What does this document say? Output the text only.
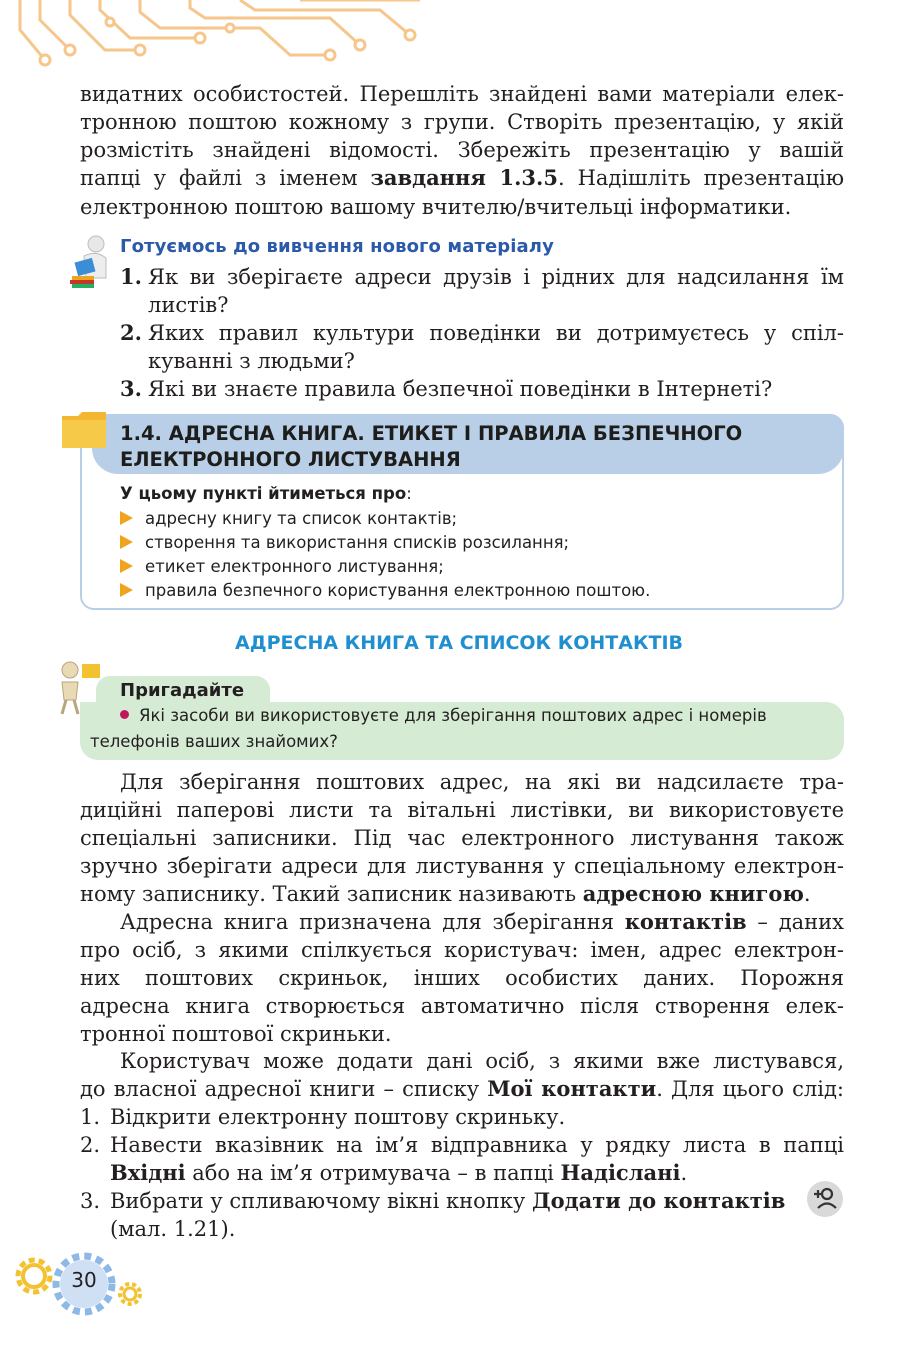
видатних особистостей. Перешліть знайдені вами матеріали елек-
тронною поштою кожному з групи. Створіть презентацію, у якій
розмістіть знайдені відомості. Збережіть презентацію у вашій
папці у файлі з іменем завдання 1.3.5. Надішліть презентацію
електронною поштою вашому вчителю/вчительці інформатики.
Готуємось до вивчення нового матеріалу
1. Як ви зберігаєте адреси друзів і рідних для надсилання їм
листів?
2. Яких правил культури поведінки ви дотримуєтесь у спіл-
куванні з людьми?
3. Які ви знаєте правила безпечної поведінки в Інтернеті?
1.4. АДРЕСНА КНИГА. ЕТИКЕТ І ПРАВИЛА БЕЗПЕЧНОГО
ЕЛЕКТРОННОГО ЛИСТУВАННЯ
У цьому пункті йтиметься про:
адресну книгу та список контактів;
створення та використання списків розсилання;
етикет електронного листування;
правила безпечного користування електронною поштою.
АДРЕСНА КНИГА ТА СПИСОК КОНТАКТІВ
Пригадайте
Які засоби ви використовуєте для зберігання поштових адрес і номерів
телефонів ваших знайомих?
Для зберігання поштових адрес, на які ви надсилаєте тра-
диційні паперові листи та вітальні листівки, ви використовуєте
спеціальні записники. Під час електронного листування також
зручно зберігати адреси для листування у спеціальному електрон-
ному записнику. Такий записник називають адресною книгою.
Адресна книга призначена для зберігання контактів – даних
про осіб, з якими спілкується користувач: імен, адрес електрон-
них поштових скриньок, інших особистих даних. Порожня
адресна книга створюється автоматично після створення елек-
тронної поштової скриньки.
Користувач може додати дані осіб, з якими вже листувався,
до власної адресної книги – списку Мої контакти. Для цього слід:
1. Відкрити електронну поштову скриньку.
2. Навести вказівник на ім’я відправника у рядку листа в папці
Вхідні або на ім’я отримувача – в папці Надіслані.
3. Вибрати у спливаючому вікні кнопку Додати до контактів
(мал. 1.21).
30
